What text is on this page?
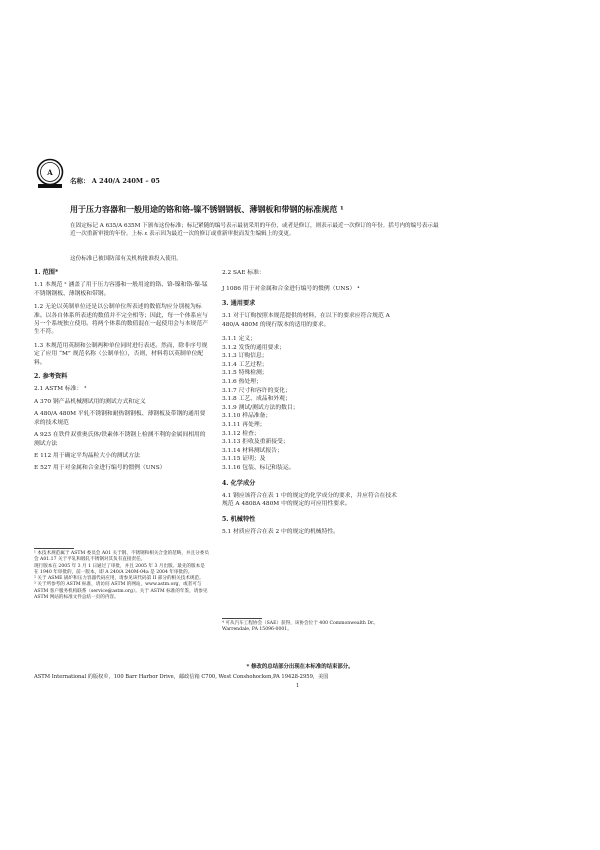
A
名称： A 240/A 240M – 05
用于压力容器和一般用途的铬和铬-镍不锈钢钢板、薄钢板和带钢的标准规范 ¹
在固定标记 A 635/A 635M 下颁布这份标准；标记紧随的编号表示最初采用的年份，或者是修订，则表示最近一次修订的年份。括号内的编号表示最近一次重新审批的年份。上标 ε 表示因为最近一次的修订或重新审批而发生编辑上的变更。
这份标准已被国防部有关机构批准投入使用。

1. 范围*

1.1 本规范 ² 涵盖了用于压力容器和一般用途的铬、铬-镍和铬-镍-锰不锈钢钢板、薄钢板和带钢。

1.2 无论以英制单位还是以公制单位所表述的数值均应分别视为标准。以各自体系所表述的数值并不完全相等；因此，每一个体系应与另一个系统独立使用。将两个体系的数值混在一起使用会与本规范产生不符。

1.3 本规范用英制和公制两种单位同时进行表述。然而，除非序号规定了应用 “M” 规范名称（公制单位），否则，材料将以英制单位配料。

2. 参考资料

2.1 ASTM 标准： ³

A 370 钢产品机械测试用的测试方式和定义

A 480/A 480M 平轧不锈钢和耐热钢钢板、薄钢板及带钢的通用要求的技术规范

A 923 在铁件双重奥氏体/铁素体不锈钢上检测不利的金属间相用的测试方法

E 112 用于确定平均晶粒大小的测试方法

E 527 用于对金属和合金进行编号的惯例（UNS）

¹ 本技术规范属于 ASTM 委员会 A01 关于钢、不锈钢和相关合金的范畴，并且分委员会 A01.17 关于平轧和锻轧不锈钢对其负有直接责任。

现行版本在 2005 年 3 月 1 日通过了审批，并且 2005 年 3 月出版。最先的版本是在 1940 年审批的，前一版本，即 A 240/A 240M-04a 是 2004 年审批的。

² 关于 ASME 锅炉和压力容器代码应用，请参见该代码第 II 部分的相关技术规范。

³ 关于所参考的 ASTM 标准，请访问 ASTM 的网站，www.astm.org，或者可与 ASTM 客户服务机构联系（service@astm.org）。关于 ASTM 标准的年鉴，请参见 ASTM 网站的标准文件总结一页的内容。

2.2 SAE 标准：

J 1086 用于对金属和合金进行编号的惯例（UNS） ⁴

3. 通用要求

3.1 对于订购按照本规范提供的材料，在以下的要求应符合规范 A 480/A 480M 的现行版本的适用的要求。

3.1.1 定义；

3.1.2 发货的通用要求；

3.1.3 订购信息；

3.1.4 工艺过程；

3.1.5 特殊检测；

3.1.6 热处理；

3.1.7 尺寸和容许的变化；

3.1.8 工艺、成品和外观；

3.1.9 测试/测试方法的数目；

3.1.10 样品准备；

3.1.11 再处理；

3.1.12 检查；

3.1.13 拒收及重新接受；

3.1.14 材料测试报告；

3.1.15 证明；及

3.1.16 包装、标记和装运。

4. 化学成分

4.1 钢应该符合在表 1 中的规定的化学成分的要求，并应符合在技术规范 A 4808A 480M 中的规定的可应用性要求。

5. 机械特性

5.1 材质应符合在表 2 中的规定的机械特性。

⁴ 可从汽车工程协会（SAE）获得，该协会位于 400 Commonwealth Dr., Warrendale, PA 15096-0001。

* 修改的总结部分出现在本标准的结束部分。
ASTM International 的版权©，100 Barr Harbor Drive，邮政信箱 C700, West Conshohocken,PA 19428-2959，美国
1
